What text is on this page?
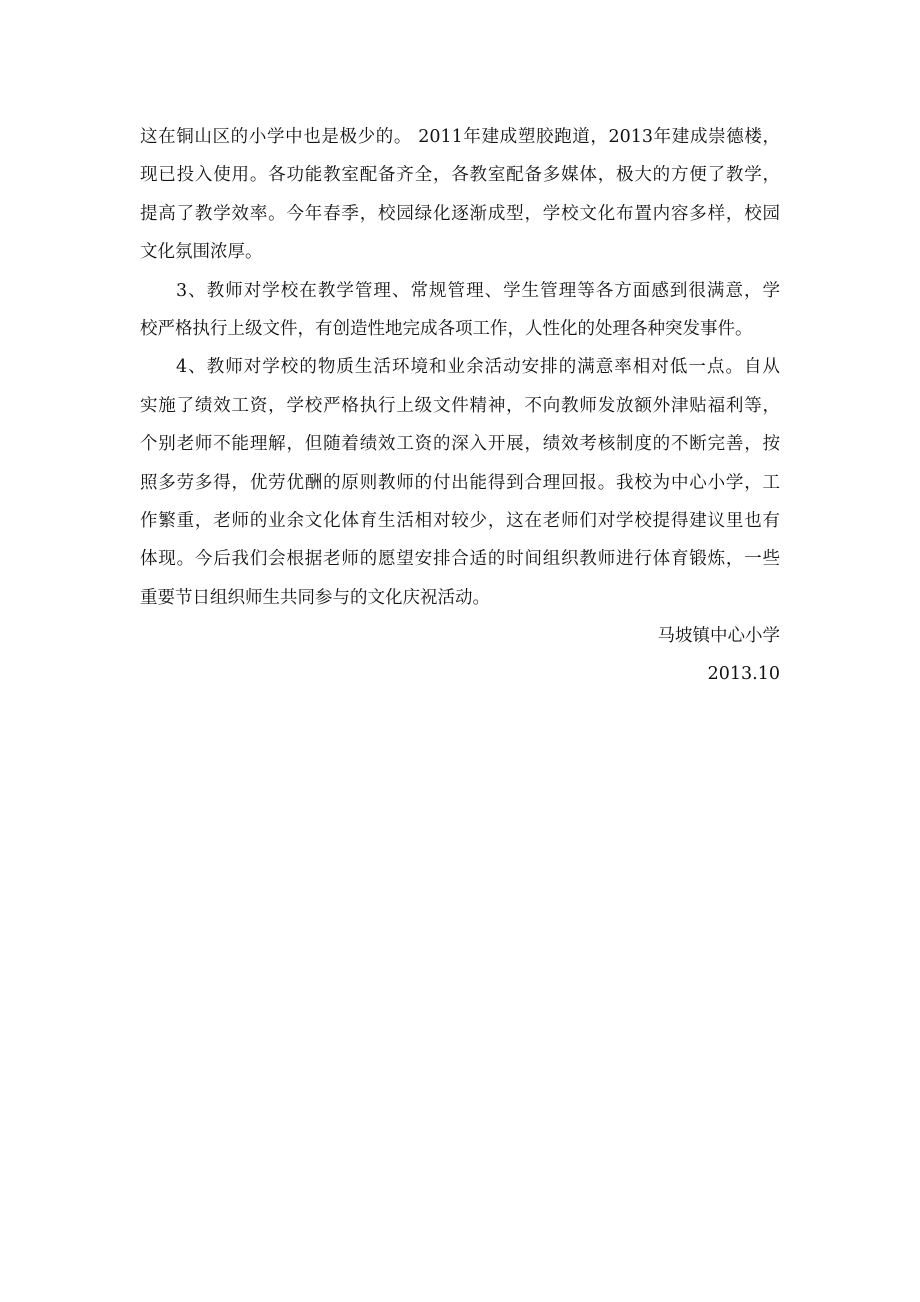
这在铜山区的小学中也是极少的。 2011年建成塑胶跑道，2013年建成崇德楼，
现已投入使用。各功能教室配备齐全，各教室配备多媒体，极大的方便了教学，
提高了教学效率。今年春季，校园绿化逐渐成型，学校文化布置内容多样，校园
文化氛围浓厚。
3、教师对学校在教学管理、常规管理、学生管理等各方面感到很满意，学
校严格执行上级文件，有创造性地完成各项工作，人性化的处理各种突发事件。
4、教师对学校的物质生活环境和业余活动安排的满意率相对低一点。自从
实施了绩效工资，学校严格执行上级文件精神，不向教师发放额外津贴福利等，
个别老师不能理解，但随着绩效工资的深入开展，绩效考核制度的不断完善，按
照多劳多得，优劳优酬的原则教师的付出能得到合理回报。我校为中心小学，工
作繁重，老师的业余文化体育生活相对较少，这在老师们对学校提得建议里也有
体现。今后我们会根据老师的愿望安排合适的时间组织教师进行体育锻炼，一些
重要节日组织师生共同参与的文化庆祝活动。
马坡镇中心小学
2013.10
